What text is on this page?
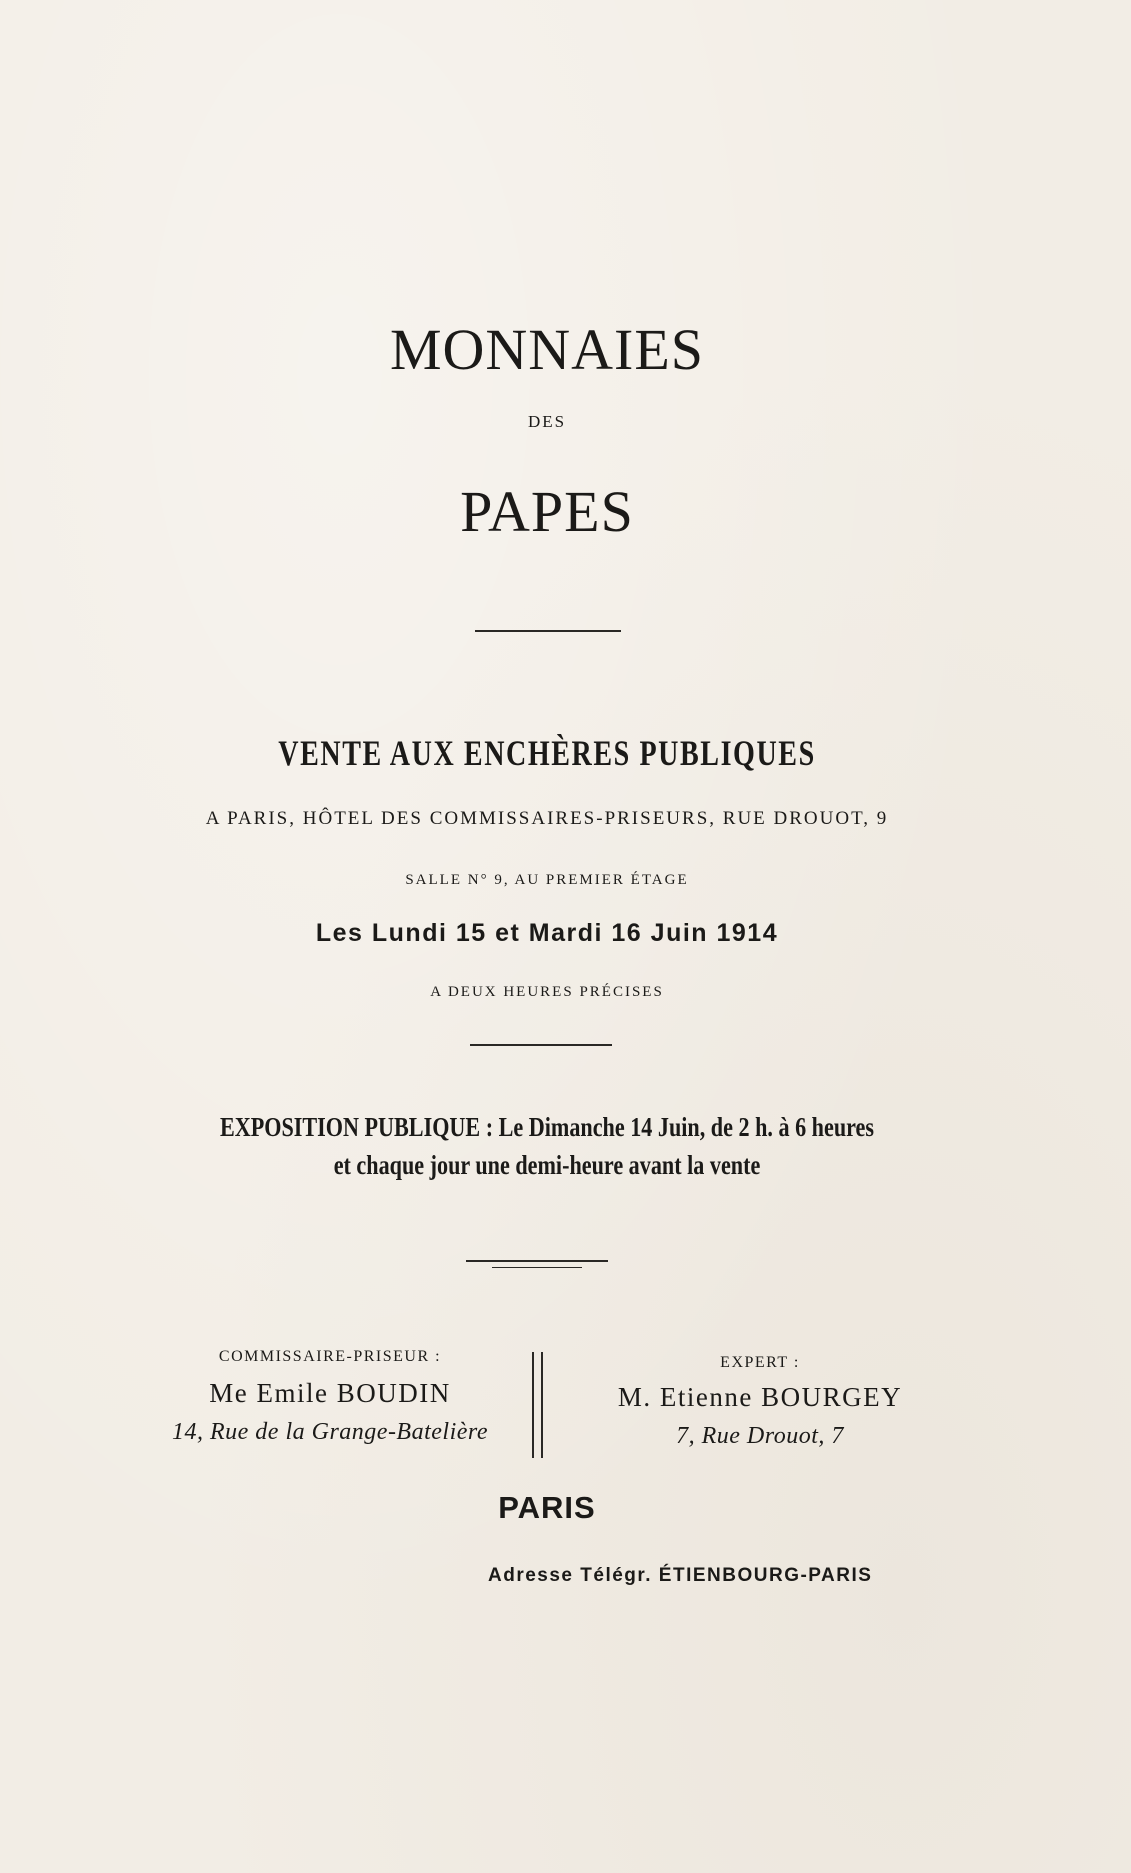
MONNAIES
DES
PAPES
VENTE AUX ENCHÈRES PUBLIQUES
A PARIS, HÔTEL DES COMMISSAIRES-PRISEURS, RUE DROUOT, 9
SALLE N° 9, AU PREMIER ÉTAGE
Les Lundi 15 et Mardi 16 Juin 1914
A DEUX HEURES PRÉCISES
EXPOSITION PUBLIQUE : Le Dimanche 14 Juin, de 2 h. à 6 heures
et chaque jour une demi-heure avant la vente
COMMISSAIRE-PRISEUR :
Me Emile BOUDIN
14, Rue de la Grange-Batelière
EXPERT :
M. Etienne BOURGEY
7, Rue Drouot, 7
PARIS
Adresse Télégr. ÉTIENBOURG-PARIS
